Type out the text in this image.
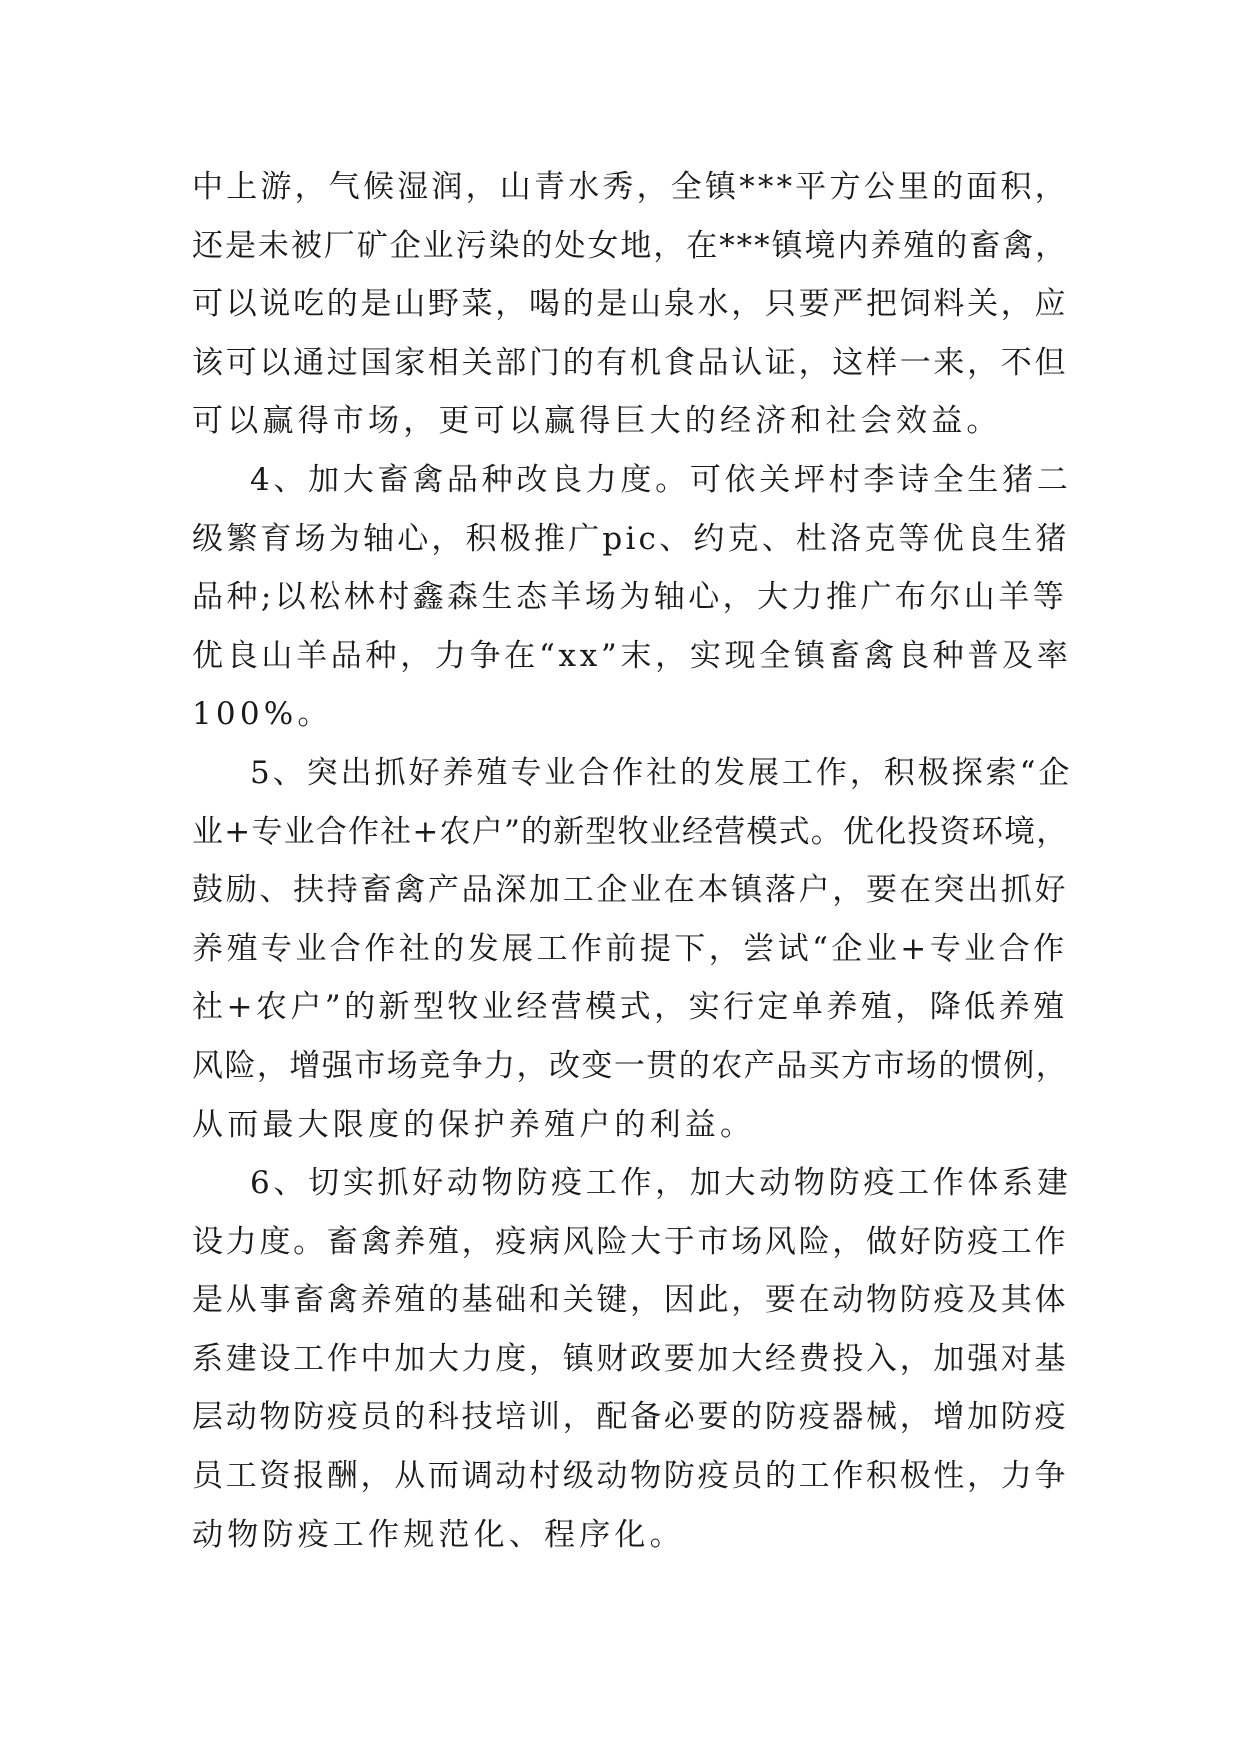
中上游，气候湿润，山青水秀，全镇***平方公里的面积，
还是未被厂矿企业污染的处女地，在***镇境内养殖的畜禽，
可以说吃的是山野菜，喝的是山泉水，只要严把饲料关，应
该可以通过国家相关部门的有机食品认证，这样一来，不但
可以赢得市场，更可以赢得巨大的经济和社会效益。
4、加大畜禽品种改良力度。可依关坪村李诗全生猪二
级繁育场为轴心，积极推广pic、约克、杜洛克等优良生猪
品种;以松林村鑫森生态羊场为轴心，大力推广布尔山羊等
优良山羊品种，力争在“xx”末，实现全镇畜禽良种普及率
100%。
5、突出抓好养殖专业合作社的发展工作，积极探索“企
业+专业合作社+农户”的新型牧业经营模式。优化投资环境，
鼓励、扶持畜禽产品深加工企业在本镇落户，要在突出抓好
养殖专业合作社的发展工作前提下，尝试“企业+专业合作
社+农户”的新型牧业经营模式，实行定单养殖，降低养殖
风险，增强市场竞争力，改变一贯的农产品买方市场的惯例，
从而最大限度的保护养殖户的利益。
6、切实抓好动物防疫工作，加大动物防疫工作体系建
设力度。畜禽养殖，疫病风险大于市场风险，做好防疫工作
是从事畜禽养殖的基础和关键，因此，要在动物防疫及其体
系建设工作中加大力度，镇财政要加大经费投入，加强对基
层动物防疫员的科技培训，配备必要的防疫器械，增加防疫
员工资报酬，从而调动村级动物防疫员的工作积极性，力争
动物防疫工作规范化、程序化。
